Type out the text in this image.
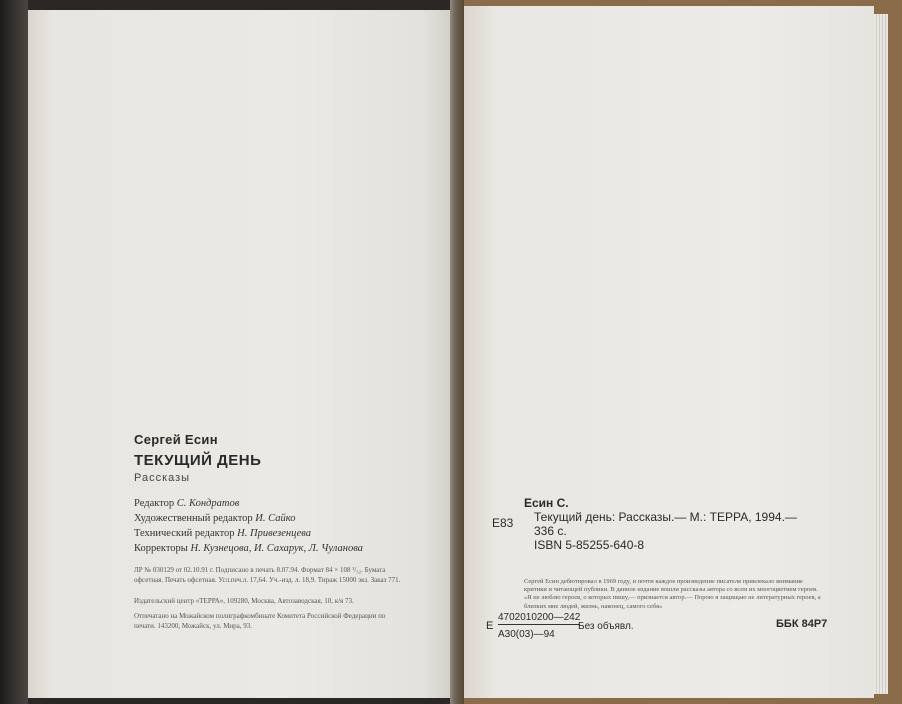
Сергей Есин
ТЕКУЩИЙ ДЕНЬ
Рассказы
Редактор С. Кондратов
Художественный редактор И. Сайко
Технический редактор Н. Привезенцева
Корректоры Н. Кузнецова, И. Сахарук, Л. Чуланова
ЛР № 030129 от 02.10.91 г. Подписано в печать 8.07.94. Формат 84 × 108 ¹/₃₂. Бумага офсетная. Печать офсетная. Усл.печ.л. 17,64. Уч.-изд. л. 18,9. Тираж 15000 экз. Заказ 771.
Издательский центр «ТЕРРА», 109280, Москва, Автозаводская, 10, к/я 73.
Отпечатано на Можайском полиграфкомбинате Комитета Российской Федерации по печати. 143200, Можайск, ул. Мира, 93.
Е83
Есин С.
Текущий день: Рассказы.— М.: ТЕРРА, 1994.—
336 с.
ISBN 5-85255-640-8
Сергей Есин дебютировал в 1969 году, и почти каждое произведение писателя привлекало внимание критики и читающей публики. В данное издание вошли рассказы автора со всем их многоцветием героев. «Я не люблю героев, о которых пишу,— признается автор.— Порою я защищаю не литературных героев, а близких мне людей, жизнь, наконец, самого себя»
Е
4702010200—242
А30(03)—94
Без объявл.	ББК 84Р7
